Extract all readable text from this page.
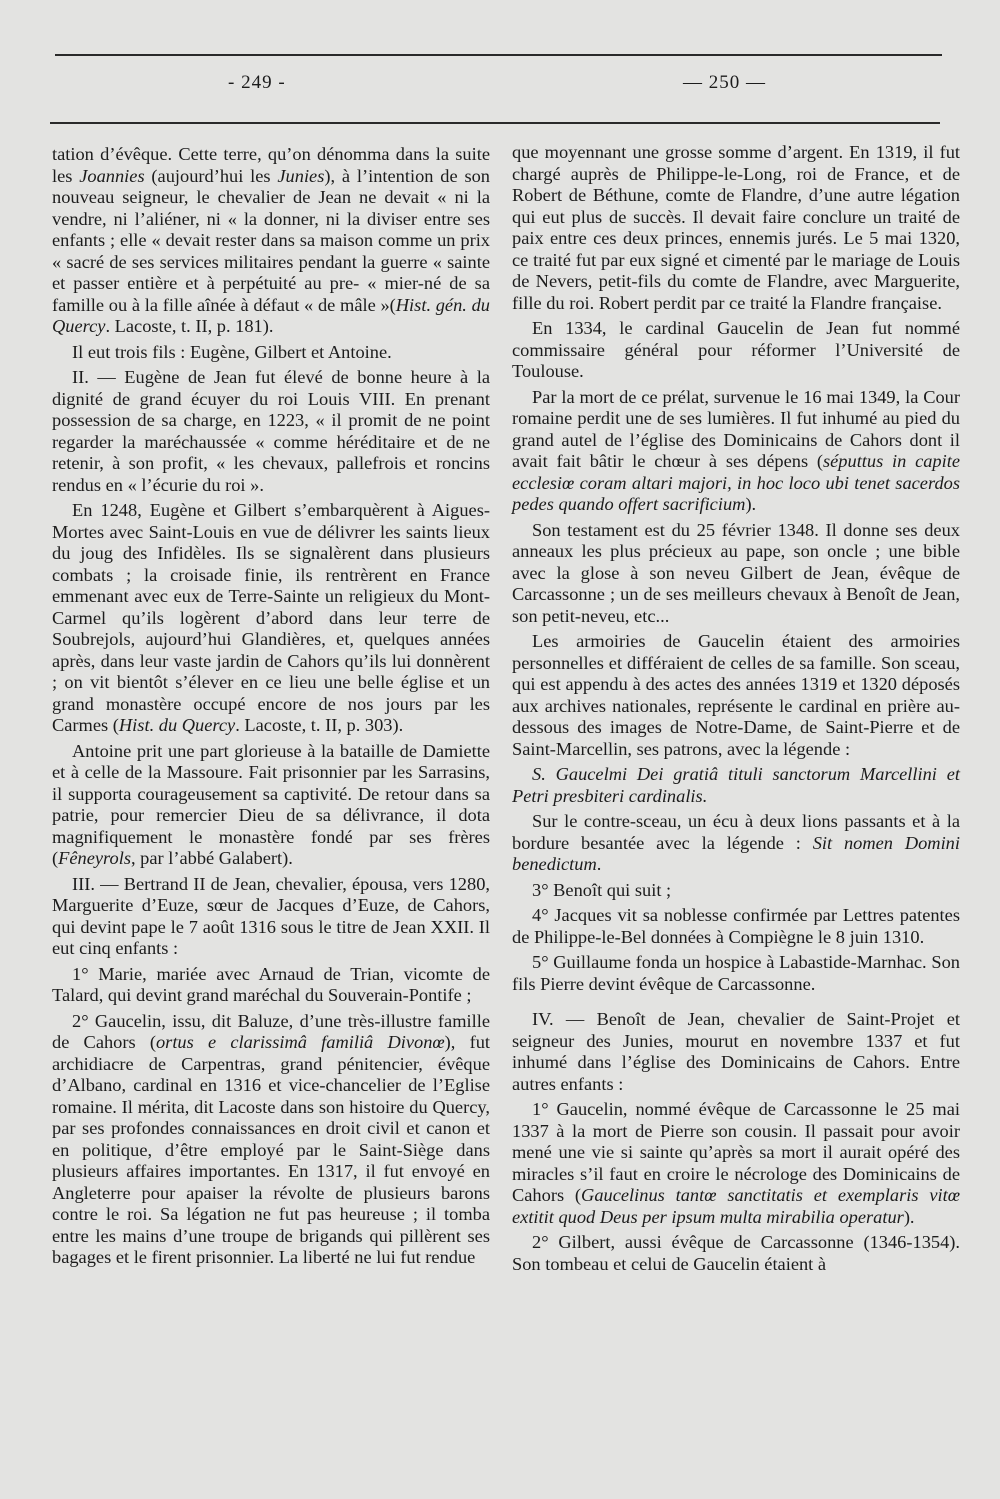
- 249 -	— 250 —

tation d’évêque. Cette terre, qu’on dénomma dans la suite les Joannies (aujourd’hui les Junies), à l’intention de son nouveau seigneur, le chevalier de Jean ne devait « ni la vendre, ni l’aliéner, ni « la donner, ni la diviser entre ses enfants ; elle « devait rester dans sa maison comme un prix « sacré de ses services militaires pendant la guerre « sainte et passer entière et à perpétuité au pre- « mier-né de sa famille ou à la fille aînée à défaut « de mâle »(Hist. gén. du Quercy. Lacoste, t. II, p. 181).

Il eut trois fils : Eugène, Gilbert et Antoine.

II. — Eugène de Jean fut élevé de bonne heure à la dignité de grand écuyer du roi Louis VIII. En prenant possession de sa charge, en 1223, « il promit de ne point regarder la maréchaussée « comme héréditaire et de ne retenir, à son profit, « les chevaux, pallefrois et roncins rendus en « l’écurie du roi ».

En 1248, Eugène et Gilbert s’embarquèrent à Aigues-Mortes avec Saint-Louis en vue de délivrer les saints lieux du joug des Infidèles. Ils se signalèrent dans plusieurs combats ; la croisade finie, ils rentrèrent en France emmenant avec eux de Terre-Sainte un religieux du Mont-Carmel qu’ils logèrent d’abord dans leur terre de Soubrejols, aujourd’hui Glandières, et, quelques années après, dans leur vaste jardin de Cahors qu’ils lui donnèrent ; on vit bientôt s’élever en ce lieu une belle église et un grand monastère occupé encore de nos jours par les Carmes (Hist. du Quercy. Lacoste, t. II, p. 303).

Antoine prit une part glorieuse à la bataille de Damiette et à celle de la Massoure. Fait prisonnier par les Sarrasins, il supporta courageusement sa captivité. De retour dans sa patrie, pour remercier Dieu de sa délivrance, il dota magnifiquement le monastère fondé par ses frères (Fêneyrols, par l’abbé Galabert).

III. — Bertrand II de Jean, chevalier, épousa, vers 1280, Marguerite d’Euze, sœur de Jacques d’Euze, de Cahors, qui devint pape le 7 août 1316 sous le titre de Jean XXII. Il eut cinq enfants :

1° Marie, mariée avec Arnaud de Trian, vicomte de Talard, qui devint grand maréchal du Souverain-Pontife ;

2° Gaucelin, issu, dit Baluze, d’une très-illustre famille de Cahors (ortus e clarissimâ familiâ Divonœ), fut archidiacre de Carpentras, grand pénitencier, évêque d’Albano, cardinal en 1316 et vice-chancelier de l’Eglise romaine. Il mérita, dit Lacoste dans son histoire du Quercy, par ses profondes connaissances en droit civil et canon et en politique, d’être employé par le Saint-Siège dans plusieurs affaires importantes. En 1317, il fut envoyé en Angleterre pour apaiser la révolte de plusieurs barons contre le roi. Sa légation ne fut pas heureuse ; il tomba entre les mains d’une troupe de brigands qui pillèrent ses bagages et le firent prisonnier. La liberté ne lui fut rendue

que moyennant une grosse somme d’argent. En 1319, il fut chargé auprès de Philippe-le-Long, roi de France, et de Robert de Béthune, comte de Flandre, d’une autre légation qui eut plus de succès. Il devait faire conclure un traité de paix entre ces deux princes, ennemis jurés. Le 5 mai 1320, ce traité fut par eux signé et cimenté par le mariage de Louis de Nevers, petit-fils du comte de Flandre, avec Marguerite, fille du roi. Robert perdit par ce traité la Flandre française.

En 1334, le cardinal Gaucelin de Jean fut nommé commissaire général pour réformer l’Université de Toulouse.

Par la mort de ce prélat, survenue le 16 mai 1349, la Cour romaine perdit une de ses lumières. Il fut inhumé au pied du grand autel de l’église des Dominicains de Cahors dont il avait fait bâtir le chœur à ses dépens (séputtus in capite ecclesiœ coram altari majori, in hoc loco ubi tenet sacerdos pedes quando offert sacrificium).

Son testament est du 25 février 1348. Il donne ses deux anneaux les plus précieux au pape, son oncle ; une bible avec la glose à son neveu Gilbert de Jean, évêque de Carcassonne ; un de ses meilleurs chevaux à Benoît de Jean, son petit-neveu, etc...

Les armoiries de Gaucelin étaient des armoiries personnelles et différaient de celles de sa famille. Son sceau, qui est appendu à des actes des années 1319 et 1320 déposés aux archives nationales, représente le cardinal en prière au-dessous des images de Notre-Dame, de Saint-Pierre et de Saint-Marcellin, ses patrons, avec la légende :

S. Gaucelmi Dei gratiâ tituli sanctorum Marcellini et Petri presbiteri cardinalis.

Sur le contre-sceau, un écu à deux lions passants et à la bordure besantée avec la légende : Sit nomen Domini benedictum.

3° Benoît qui suit ;

4° Jacques vit sa noblesse confirmée par Lettres patentes de Philippe-le-Bel données à Compiègne le 8 juin 1310.

5° Guillaume fonda un hospice à Labastide-Marnhac. Son fils Pierre devint évêque de Carcassonne.

IV. — Benoît de Jean, chevalier de Saint-Projet et seigneur des Junies, mourut en novembre 1337 et fut inhumé dans l’église des Dominicains de Cahors. Entre autres enfants :

1° Gaucelin, nommé évêque de Carcassonne le 25 mai 1337 à la mort de Pierre son cousin. Il passait pour avoir mené une vie si sainte qu’après sa mort il aurait opéré des miracles s’il faut en croire le nécrologe des Dominicains de Cahors (Gaucelinus tantœ sanctitatis et exemplaris vitœ extitit quod Deus per ipsum multa mirabilia operatur).

2° Gilbert, aussi évêque de Carcassonne (1346-1354). Son tombeau et celui de Gaucelin étaient à
